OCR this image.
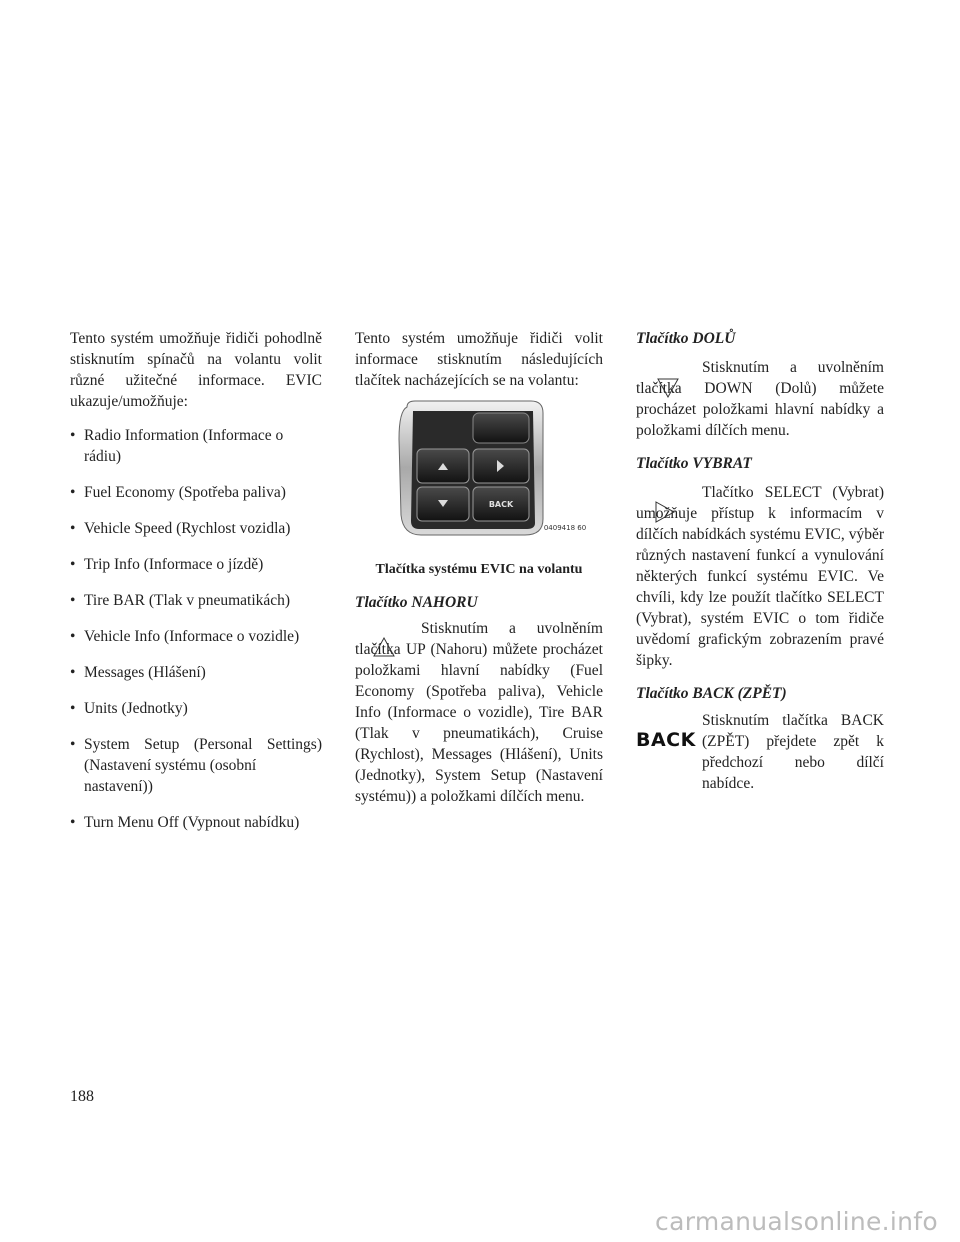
Tento systém umožňuje řidiči pohodlně stisknutím spínačů na volantu volit různé užitečné informace. EVIC ukazuje/umožňuje:

• Radio Information (Informace o rádiu)
• Fuel Economy (Spotřeba paliva)
• Vehicle Speed (Rychlost vozidla)
• Trip Info (Informace o jízdě)
• Tire BAR (Tlak v pneumatikách)
• Vehicle Info (Informace o vozidle)
• Messages (Hlášení)
• Units (Jednotky)
• System Setup (Personal Settings)
(Nastavení systému (osobní nastavení))
• Turn Menu Off (Vypnout nabídku)

Tento systém umožňuje řidiči volit informace stisknutím následujících tlačítek nacházejících se na volantu:

BACK
0409418 60
Tlačítka systému EVIC na volantu

Tlačítko NAHORU

Stisknutím a uvolněním tlačítka UP (Nahoru) můžete procházet položkami hlavní nabídky (Fuel Economy (Spotřeba paliva), Vehicle Info (Informace o vozidle), Tire BAR (Tlak v pneumatikách), Cruise (Rychlost), Messages (Hlášení), Units (Jednotky), System Setup (Nastavení systému)) a položkami dílčích menu.

Tlačítko DOLŮ

Stisknutím a uvolněním tlačítka DOWN (Dolů) můžete procházet položkami hlavní nabídky a položkami dílčích menu.

Tlačítko VYBRAT

Tlačítko SELECT (Vybrat) umožňuje přístup k informacím v dílčích nabídkách systému EVIC, výběr různých nastavení funkcí a vynulování některých funkcí systému EVIC. Ve chvíli, kdy lze použít tlačítko SELECT (Vybrat), systém EVIC o tom řidiče uvědomí grafickým zobrazením pravé šipky.

Tlačítko BACK (ZPĚT)

BACK

Stisknutím tlačítka BACK (ZPĚT) přejdete zpět k předchozí nebo dílčí nabídce.

188
carmanualsonline.info
